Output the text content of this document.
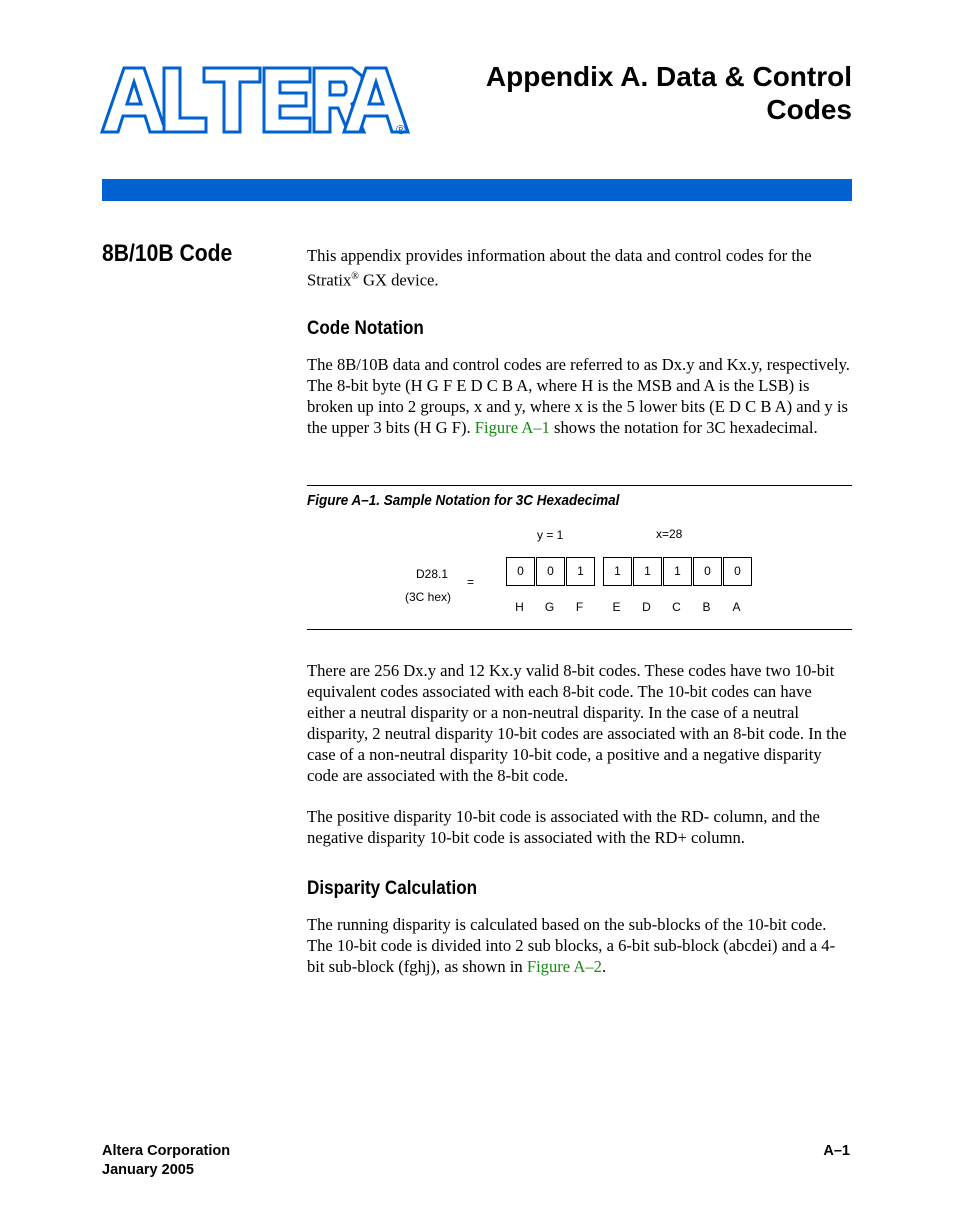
®
Appendix A. Data & Control
Codes
8B/10B Code	This appendix provides information about the data and control codes for the Stratix® GX device.
Code Notation
The 8B/10B data and control codes are referred to as Dx.y and Kx.y, respectively. The 8-bit byte (H G F E D C B A, where H is the MSB and A is the LSB) is broken up into 2 groups, x and y, where x is the 5 lower bits (E D C B A) and y is the upper 3 bits (H G F). Figure A–1 shows the notation for 3C hexadecimal.
Figure A–1. Sample Notation for 3C Hexadecimal
y = 1	x=28
D28.1
(3C hex)
=
0	0	1	1	1	1	0	0
H	G	F	E	D	C	B	A
There are 256 Dx.y and 12 Kx.y valid 8-bit codes. These codes have two 10-bit equivalent codes associated with each 8-bit code. The 10-bit codes can have either a neutral disparity or a non-neutral disparity. In the case of a neutral disparity, 2 neutral disparity 10-bit codes are associated with an 8-bit code. In the case of a non-neutral disparity 10-bit code, a positive and a negative disparity code are associated with the 8-bit code.
The positive disparity 10-bit code is associated with the RD- column, and the negative disparity 10-bit code is associated with the RD+ column.
Disparity Calculation
The running disparity is calculated based on the sub-blocks of the 10-bit code. The 10-bit code is divided into 2 sub blocks, a 6-bit sub-block (abcdei) and a 4-bit sub-block (fghj), as shown in Figure A–2.
Altera Corporation
January 2005
A–1
